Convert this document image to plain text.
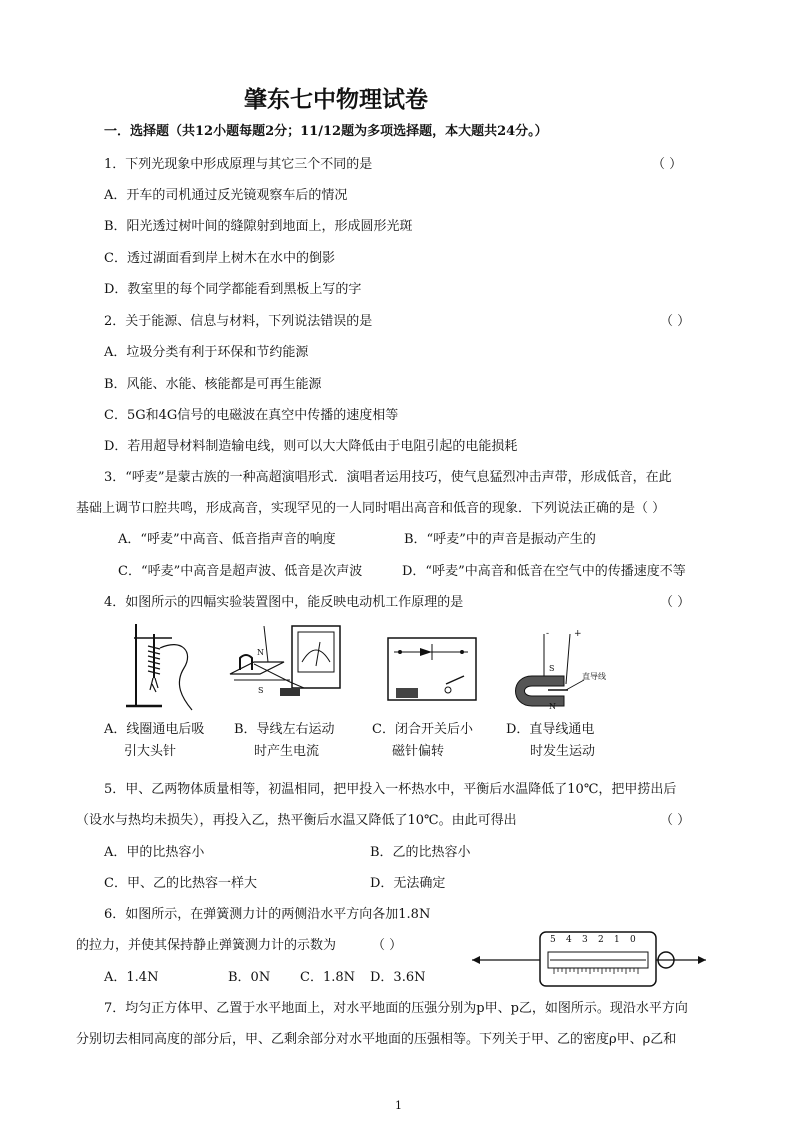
肇东七中物理试卷
一．选择题（共12小题每题2分；11/12题为多项选择题，本大题共24分。）
1．下列光现象中形成原理与其它三个不同的是	（ ）
A．开车的司机通过反光镜观察车后的情况
B．阳光透过树叶间的缝隙射到地面上，形成圆形光斑
C．透过湖面看到岸上树木在水中的倒影
D．教室里的每个同学都能看到黑板上写的字
2．关于能源、信息与材料，下列说法错误的是	（ ）
A．垃圾分类有利于环保和节约能源
B．风能、水能、核能都是可再生能源
C．5G和4G信号的电磁波在真空中传播的速度相等
D．若用超导材料制造输电线，则可以大大降低由于电阻引起的电能损耗
3．“呼麦”是蒙古族的一种高超演唱形式．演唱者运用技巧，使气息猛烈冲击声带，形成低音，在此
基础上调节口腔共鸣，形成高音，实现罕见的一人同时唱出高音和低音的现象．下列说法正确的是（ ）
A．“呼麦”中高音、低音指声音的响度	B．“呼麦”中的声音是振动产生的
C．“呼麦”中高音是超声波、低音是次声波	D．“呼麦”中高音和低音在空气中的传播速度不等
4．如图所示的四幅实验装置图中，能反映电动机工作原理的是	（ ）
N
S
-	+
S
N
直导线
A．线圈通电后吸
引大头针
B．导线左右运动
时产生电流
C．闭合开关后小
磁针偏转
D．直导线通电
时发生运动
5．甲、乙两物体质量相等，初温相同，把甲投入一杯热水中，平衡后水温降低了10℃，把甲捞出后
（设水与热均未损失），再投入乙，热平衡后水温又降低了10℃。由此可得出	（ ）
A．甲的比热容小	B．乙的比热容小
C．甲、乙的比热容一样大	D．无法确定
6．如图所示，在弹簧测力计的两侧沿水平方向各加1.8N
的拉力，并使其保持静止弹簧测力计的示数为	（ ）
A．1.4N	B．0N C．1.8N D．3.6N
5 4 3 2 1 0
7．均匀正方体甲、乙置于水平地面上，对水平地面的压强分别为p甲、p乙，如图所示。现沿水平方向
分别切去相同高度的部分后，甲、乙剩余部分对水平地面的压强相等。下列关于甲、乙的密度ρ甲、ρ乙和
1
